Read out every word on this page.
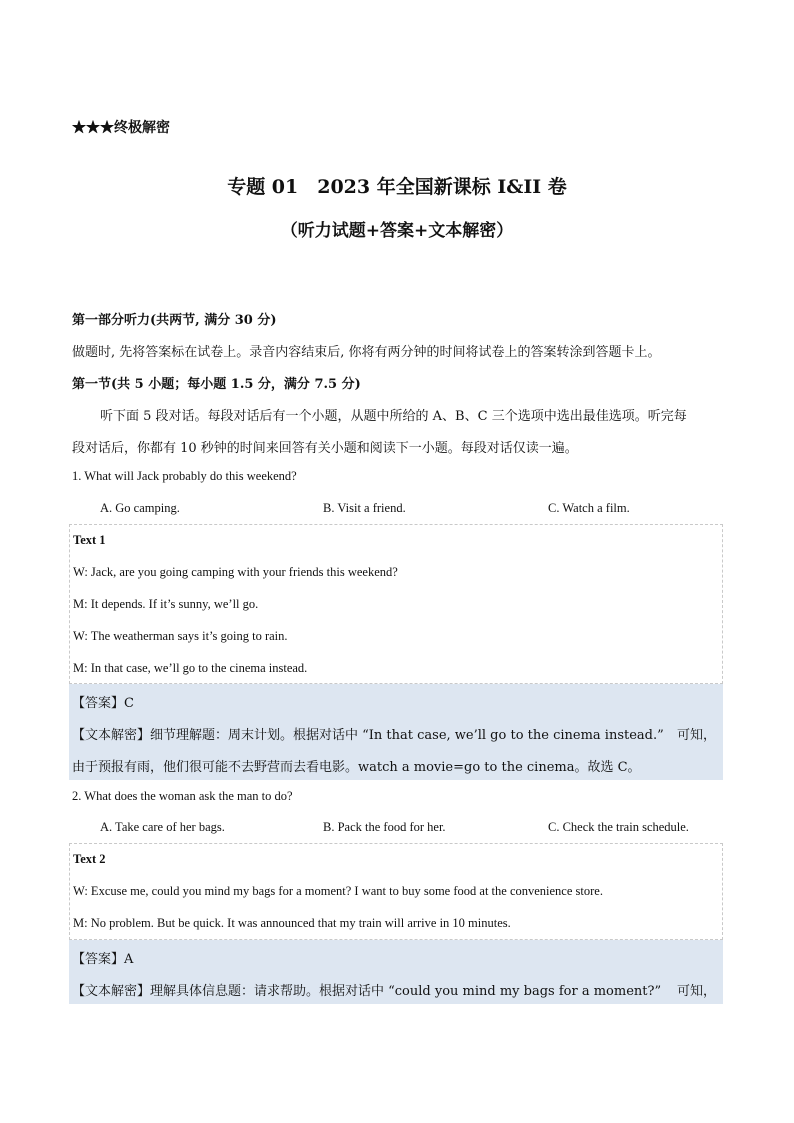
★★★终极解密
专题 01　2023 年全国新课标 I&II 卷
（听力试题+答案+文本解密）
第一部分听力(共两节, 满分 30 分)
做题时, 先将答案标在试卷上。录音内容结束后, 你将有两分钟的时间将试卷上的答案转涂到答题卡上。
第一节(共 5 小题；每小题 1.5 分，满分 7.5 分)
听下面 5 段对话。每段对话后有一个小题，从题中所给的 A、B、C 三个选项中选出最佳选项。听完每
段对话后，你都有 10 秒钟的时间来回答有关小题和阅读下一小题。每段对话仅读一遍。
1. What will Jack probably do this weekend?
A. Go camping.	B. Visit a friend.	C. Watch a film.
Text 1
W: Jack, are you going camping with your friends this weekend?
M: It depends. If it’s sunny, we’ll go.
W: The weatherman says it’s going to rain.
M: In that case, we’ll go to the cinema instead.
【答案】C
【文本解密】细节理解题：周末计划。根据对话中 “In that case, we’ll go to the cinema instead.” 可知，
由于预报有雨，他们很可能不去野营而去看电影。watch a movie=go to the cinema。故选 C。
2. What does the woman ask the man to do?
A. Take care of her bags.	B. Pack the food for her.	C. Check the train schedule.
Text 2
W: Excuse me, could you mind my bags for a moment? I want to buy some food at the convenience store.
M: No problem. But be quick. It was announced that my train will arrive in 10 minutes.
【答案】A
【文本解密】理解具体信息题：请求帮助。根据对话中 “could you mind my bags for a moment?” 可知，
